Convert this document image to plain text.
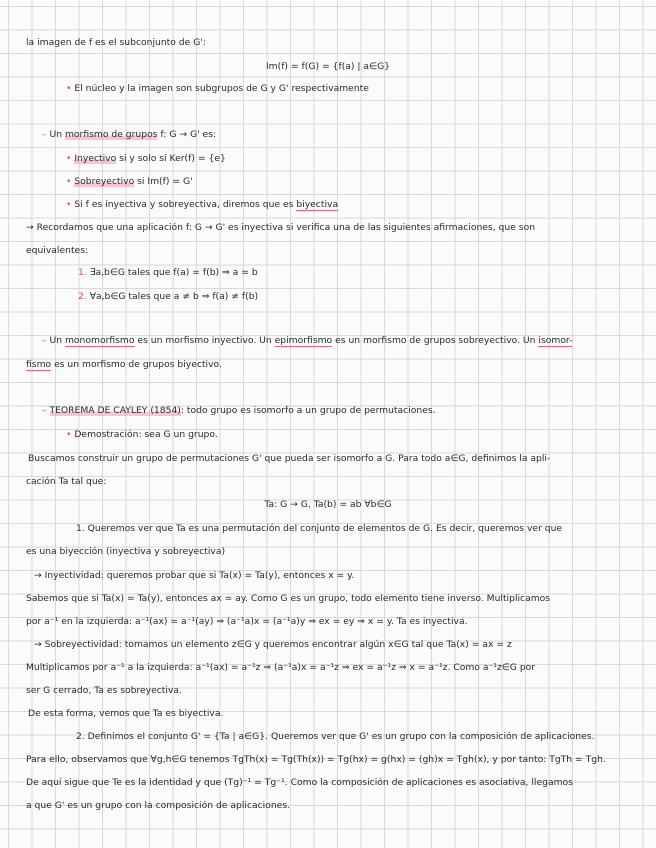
la imagen de f es el subconjunto de G':
Im(f) = f(G) = {f(a) | a∈G}
• El núcleo y la imagen son subgrupos de G y G' respectivamente
– Un morfismo de grupos f: G → G' es:
• Inyectivo si y solo si Ker(f) = {e}
• Sobreyectivo si Im(f) = G'
• Si f es inyectiva y sobreyectiva, diremos que es biyectiva
→ Recordamos que una aplicación f: G → G' es inyectiva si verifica una de las siguientes afirmaciones, que son
equivalentes:
1. ∃a,b∈G tales que f(a) = f(b) ⇒ a = b
2. ∀a,b∈G tales que a ≠ b ⇒ f(a) ≠ f(b)
– Un monomorfismo es un morfismo inyectivo. Un epimorfismo es un morfismo de grupos sobreyectivo. Un isomor-
fismo es un morfismo de grupos biyectivo.
– TEOREMA DE CAYLEY (1854): todo grupo es isomorfo a un grupo de permutaciones.
• Demostración: sea G un grupo.
Buscamos construir un grupo de permutaciones G' que pueda ser isomorfo a G. Para todo a∈G, definimos la apli-
cación Ta tal que:
Ta: G → G, Ta(b) = ab ∀b∈G
1. Queremos ver que Ta es una permutación del conjunto de elementos de G. Es decir, queremos ver que
es una biyección (inyectiva y sobreyectiva)
→ Inyectividad: queremos probar que si Ta(x) = Ta(y), entonces x = y.
Sabemos que si Ta(x) = Ta(y), entonces ax = ay. Como G es un grupo, todo elemento tiene inverso. Multiplicamos
por a⁻¹ en la izquierda: a⁻¹(ax) = a⁻¹(ay) ⇒ (a⁻¹a)x = (a⁻¹a)y ⇒ ex = ey ⇒ x = y. Ta es inyectiva.
→ Sobreyectividad: tomamos un elemento z∈G y queremos encontrar algún x∈G tal que Ta(x) = ax = z
Multiplicamos por a⁻¹ a la izquierda: a⁻¹(ax) = a⁻¹z ⇒ (a⁻¹a)x = a⁻¹z ⇒ ex = a⁻¹z ⇒ x = a⁻¹z. Como a⁻¹z∈G por
ser G cerrado, Ta es sobreyectiva.
De esta forma, vemos que Ta es biyectiva.
2. Definimos el conjunto G' = {Ta | a∈G}. Queremos ver que G' es un grupo con la composición de aplicaciones.
Para ello, observamos que ∀g,h∈G tenemos TgTh(x) = Tg(Th(x)) = Tg(hx) = g(hx) = (gh)x = Tgh(x), y por tanto: TgTh = Tgh.
De aquí sigue que Te es la identidad y que (Tg)⁻¹ = Tg⁻¹. Como la composición de aplicaciones es asociativa, llegamos
a que G' es un grupo con la composición de aplicaciones.
